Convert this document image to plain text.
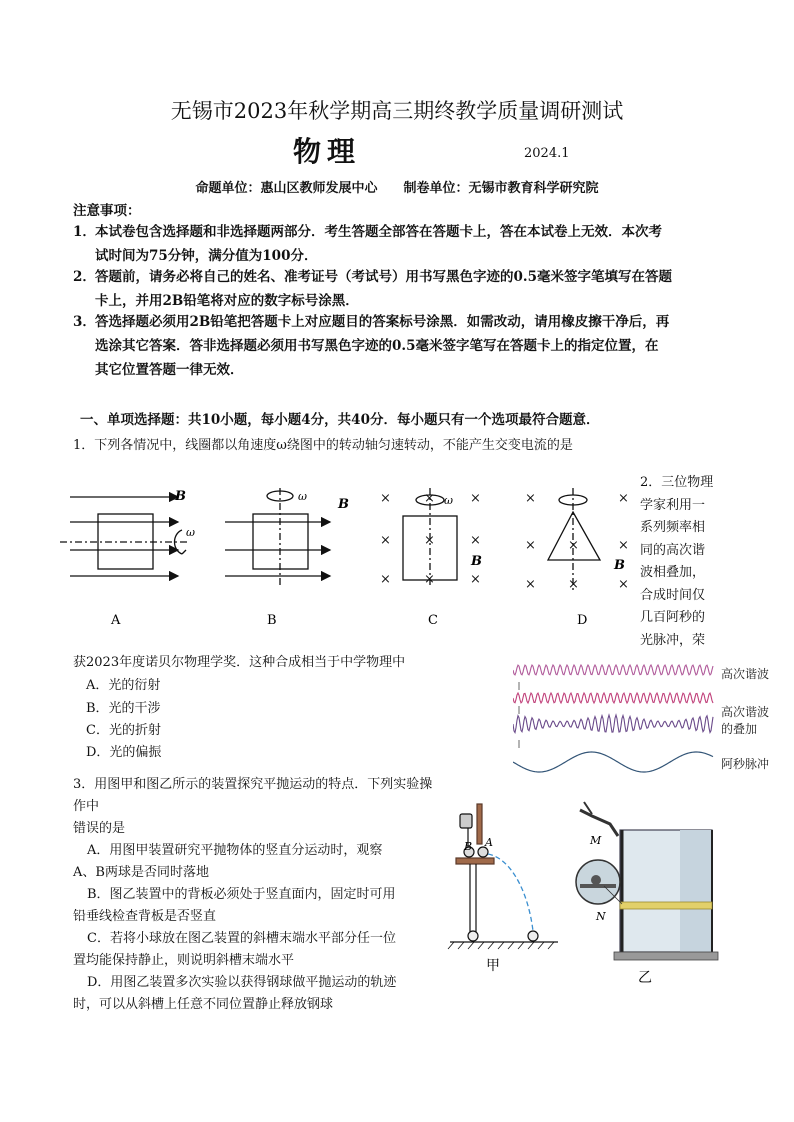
无锡市2023年秋学期高三期终教学质量调研测试
物理	2024.1
命题单位：惠山区教师发展中心　　制卷单位：无锡市教育科学研究院
注意事项：
1．本试卷包含选择题和非选择题两部分．考生答题全部答在答题卡上，答在本试卷上无效．本次考
试时间为75分钟，满分值为100分．
2．答题前，请务必将自己的姓名、准考证号（考试号）用书写黑色字迹的0.5毫米签字笔填写在答题
卡上，并用2B铅笔将对应的数字标号涂黑．
3．答选择题必须用2B铅笔把答题卡上对应题目的答案标号涂黑．如需改动，请用橡皮擦干净后，再
选涂其它答案．答非选择题必须用书写黑色字迹的0.5毫米签字笔写在答题卡上的指定位置，在
其它位置答题一律无效．
一、单项选择题：共10小题，每小题4分，共40分．每小题只有一个选项最符合题意．
1．下列各情况中，线圈都以角速度ω绕图中的转动轴匀速转动，不能产生交变电流的是
B
ω
ω
B	ω
×	×	×
×	×	×
×	×	×
B
×	×
× ×	×
× ×	×
B
A	B	C	D
2．三位物理
学家利用一
系列频率相
同的高次谐
波相叠加，
合成时间仅
几百阿秒的
光脉冲，荣
获2023年度诺贝尔物理学奖．这种合成相当于中学物理中
A．光的衍射
B．光的干涉
C．光的折射
D．光的偏振
高次谐波
高次谐波
的叠加
阿秒脉冲
3．用图甲和图乙所示的装置探究平抛运动的特点．下列实验操作中
错误的是
A．用图甲装置研究平抛物体的竖直分运动时，观察
A、B两球是否同时落地
B．图乙装置中的背板必须处于竖直面内，固定时可用
铅垂线检查背板是否竖直
C．若将小球放在图乙装置的斜槽末端水平部分任一位
置均能保持静止，则说明斜槽末端水平
D．用图乙装置多次实验以获得钢球做平抛运动的轨迹
时，可以从斜槽上任意不同位置静止释放钢球
B A
甲
M
N
乙
